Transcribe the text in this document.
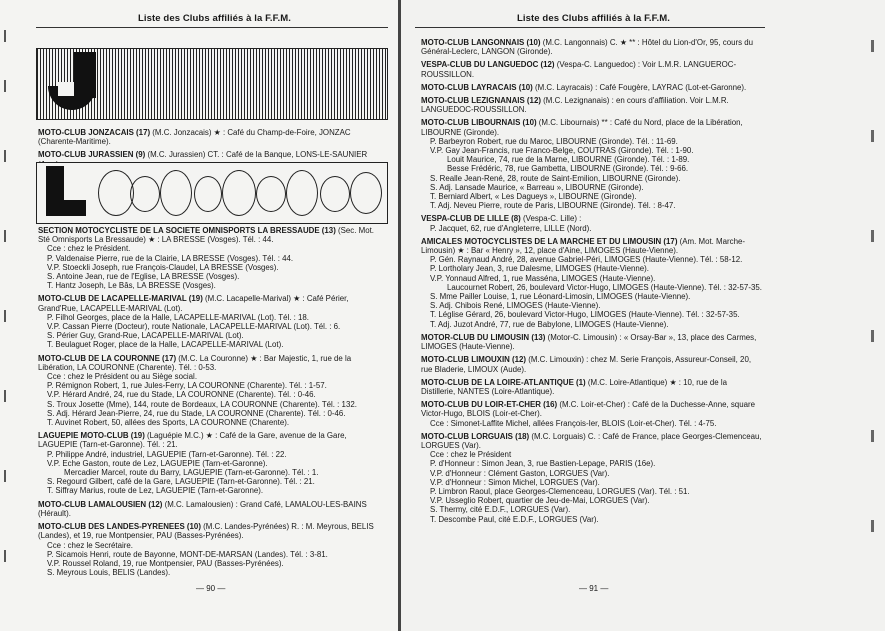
Liste des Clubs affiliés à la F.F.M.

MOTO-CLUB JONZACAIS (17) (M.C. Jonzacais) ★ : Café du Champ-de-Foire, JONZAC (Charente-Maritime).

MOTO-CLUB JURASSIEN (9) (M.C. Jurassien) CT. : Café de la Banque, LONS-LE-SAUNIER

SECTION MOTOCYCLISTE DE LA SOCIETE OMNISPORTS LA BRESSAUDE (13) (Sec. Mot. Sté Omnisports La Bressaude) ★ : LA BRESSE (Vosges). Tél. : 44.

Cce : chez le Président.

P. Valdenaise Pierre, rue de la Clairie, LA BRESSE (Vosges). Tél. : 44.

V.P. Stoeckli Joseph, rue François-Claudel, LA BRESSE (Vosges).

S. Antoine Jean, rue de l'Eglise, LA BRESSE (Vosges).

T. Hantz Joseph, Le Bâs, LA BRESSE (Vosges).

MOTO-CLUB DE LACAPELLE-MARIVAL (19) (M.C. Lacapelle-Marival) ★ : Café Périer, Grand'Rue, LACAPELLE-MARIVAL (Lot).

P. Filhol Georges, place de la Halle, LACAPELLE-MARIVAL (Lot). Tél. : 18.

V.P. Cassan Pierre (Docteur), route Nationale, LACAPELLE-MARIVAL (Lot). Tél. : 6.

S. Périer Guy, Grand-Rue, LACAPELLE-MARIVAL (Lot).

T. Beulaguet Roger, place de la Halle, LACAPELLE-MARIVAL (Lot).

MOTO-CLUB DE LA COURONNE (17) (M.C. La Couronne) ★ : Bar Majestic, 1, rue de la Libération, LA COURONNE (Charente). Tél. : 0-53.

Cce : chez le Président ou au Siège social.

P. Rémignon Robert, 1, rue Jules-Ferry, LA COURONNE (Charente). Tél. : 1-57.

V.P. Hérard André, 24, rue du Stade, LA COURONNE (Charente). Tél. : 0-46.

S. Troux Josette (Mme), 144, route de Bordeaux, LA COURONNE (Charente). Tél. : 132.

S. Adj. Hérard Jean-Pierre, 24, rue du Stade, LA COURONNE (Charente). Tél. : 0-46.

T. Auvinet Robert, 50, allées des Sports, LA COURONNE (Charente).

LAGUEPIE MOTO-CLUB (19) (Laguépie M.C.) ★ : Café de la Gare, avenue de la Gare, LAGUEPIE (Tarn-et-Garonne). Tél. : 21.

P. Philippe André, industriel, LAGUEPIE (Tarn-et-Garonne). Tél. : 22.

V.P. Eche Gaston, route de Lez, LAGUEPIE (Tarn-et-Garonne).

Mercadier Marcel, route du Barry, LAGUEPIE (Tarn-et-Garonne). Tél. : 1.

S. Regourd Gilbert, café de la Gare, LAGUEPIE (Tarn-et-Garonne). Tél. : 21.

T. Siffray Marius, route de Lez, LAGUEPIE (Tarn-et-Garonne).

MOTO-CLUB LAMALOUSIEN (12) (M.C. Lamalousien) : Grand Café, LAMALOU-LES-BAINS (Hérault).

MOTO-CLUB DES LANDES-PYRENEES (10) (M.C. Landes-Pyrénées) R. : M. Meyrous, BELIS (Landes), et 19, rue Montpensier, PAU (Basses-Pyrénées).

Cce : chez le Secrétaire.

P. Sicamois Henri, route de Bayonne, MONT-DE-MARSAN (Landes). Tél. : 3-81.

V.P. Roussel Roland, 19, rue Montpensier, PAU (Basses-Pyrénées).

S. Meyrous Louis, BELIS (Landes).

— 90 —
Liste des Clubs affiliés à la F.F.M.

MOTO-CLUB LANGONNAIS (10) (M.C. Langonnais) C. ★ ** : Hôtel du Lion-d'Or, 95, cours du Général-Leclerc, LANGON (Gironde).

VESPA-CLUB DU LANGUEDOC (12) (Vespa-C. Languedoc) : Voir L.M.R. LANGUEROC-ROUSSILLON.

MOTO-CLUB LAYRACAIS (10) (M.C. Layracais) : Café Fougère, LAYRAC (Lot-et-Garonne).

MOTO-CLUB LEZIGNANAIS (12) (M.C. Lezignanais) : en cours d'affiliation. Voir L.M.R. LANGUEDOC-ROUSSILLON.

MOTO-CLUB LIBOURNAIS (10) (M.C. Libournais) ** : Café du Nord, place de la Libération, LIBOURNE (Gironde).

P. Barbeyron Robert, rue du Maroc, LIBOURNE (Gironde). Tél. : 11-69.

V.P. Gay Jean-Francis, rue Franco-Belge, COUTRAS (Gironde). Tél. : 1-90.

Louit Maurice, 74, rue de la Marne, LIBOURNE (Gironde). Tél. : 1-89.

Besse Frédéric, 78, rue Gambetta, LIBOURNE (Gironde). Tél. : 9-66.

S. Realle Jean-René, 28, route de Saint-Emilion, LIBOURNE (Gironde).

S. Adj. Lansade Maurice, « Barreau », LIBOURNE (Gironde).

T. Berniard Albert, « Les Dagueys », LIBOURNE (Gironde).

T. Adj. Neveu Pierre, route de Paris, LIBOURNE (Gironde). Tél. : 8-47.

VESPA-CLUB DE LILLE (8) (Vespa-C. Lille) :

P. Jacquet, 62, rue d'Angleterre, LILLE (Nord).

AMICALES MOTOCYCLISTES DE LA MARCHE ET DU LIMOUSIN (17) (Am. Mot. Marche-Limousin) ★ : Bar « Henry », 12, place d'Aine, LIMOGES (Haute-Vienne).

P. Gén. Raynaud André, 28, avenue Gabriel-Péri, LIMOGES (Haute-Vienne). Tél. : 58-12.

P. Lortholary Jean, 3, rue Dalesme, LIMOGES (Haute-Vienne).

V.P. Yonnaud Alfred, 1, rue Masséna, LIMOGES (Haute-Vienne).

Laucournet Robert, 26, boulevard Victor-Hugo, LIMOGES (Haute-Vienne). Tél. : 32-57-35.

S. Mme Pailler Louise, 1, rue Léonard-Limosin, LIMOGES (Haute-Vienne).

S. Adj. Chibois René, LIMOGES (Haute-Vienne).

T. Léglise Gérard, 26, boulevard Victor-Hugo, LIMOGES (Haute-Vienne). Tél. : 32-57-35.

T. Adj. Juzot André, 77, rue de Babylone, LIMOGES (Haute-Vienne).

MOTOR-CLUB DU LIMOUSIN (13) (Motor-C. Limousin) : « Orsay-Bar », 13, place des Carmes, LIMOGES (Haute-Vienne).

MOTO-CLUB LIMOUXIN (12) (M.C. Limouxin) : chez M. Serie François, Assureur-Conseil, 20, rue Bladerie, LIMOUX (Aude).

MOTO-CLUB DE LA LOIRE-ATLANTIQUE (1) (M.C. Loire-Atlantique) ★ : 10, rue de la Distillerie, NANTES (Loire-Atlantique).

MOTO-CLUB DU LOIR-ET-CHER (16) (M.C. Loir-et-Cher) : Café de la Duchesse-Anne, square Victor-Hugo, BLOIS (Loir-et-Cher).

Cce : Simonet-Laffite Michel, allées François-Ier, BLOIS (Loir-et-Cher). Tél. : 4-75.

MOTO-CLUB LORGUAIS (18) (M.C. Lorguais) C. : Café de France, place Georges-Clemenceau, LORGUES (Var).

Cce : chez le Président

P. d'Honneur : Simon Jean, 3, rue Bastien-Lepage, PARIS (16e).

V.P. d'Honneur : Clément Gaston, LORGUES (Var).

V.P. d'Honneur : Simon Michel, LORGUES (Var).

P. Limbron Raoul, place Georges-Clemenceau, LORGUES (Var). Tél. : 51.

V.P. Usseglio Robert, quartier de Jeu-de-Mai, LORGUES (Var).

S. Thermy, cité E.D.F., LORGUES (Var).

T. Descombe Paul, cité E.D.F., LORGUES (Var).

— 91 —
